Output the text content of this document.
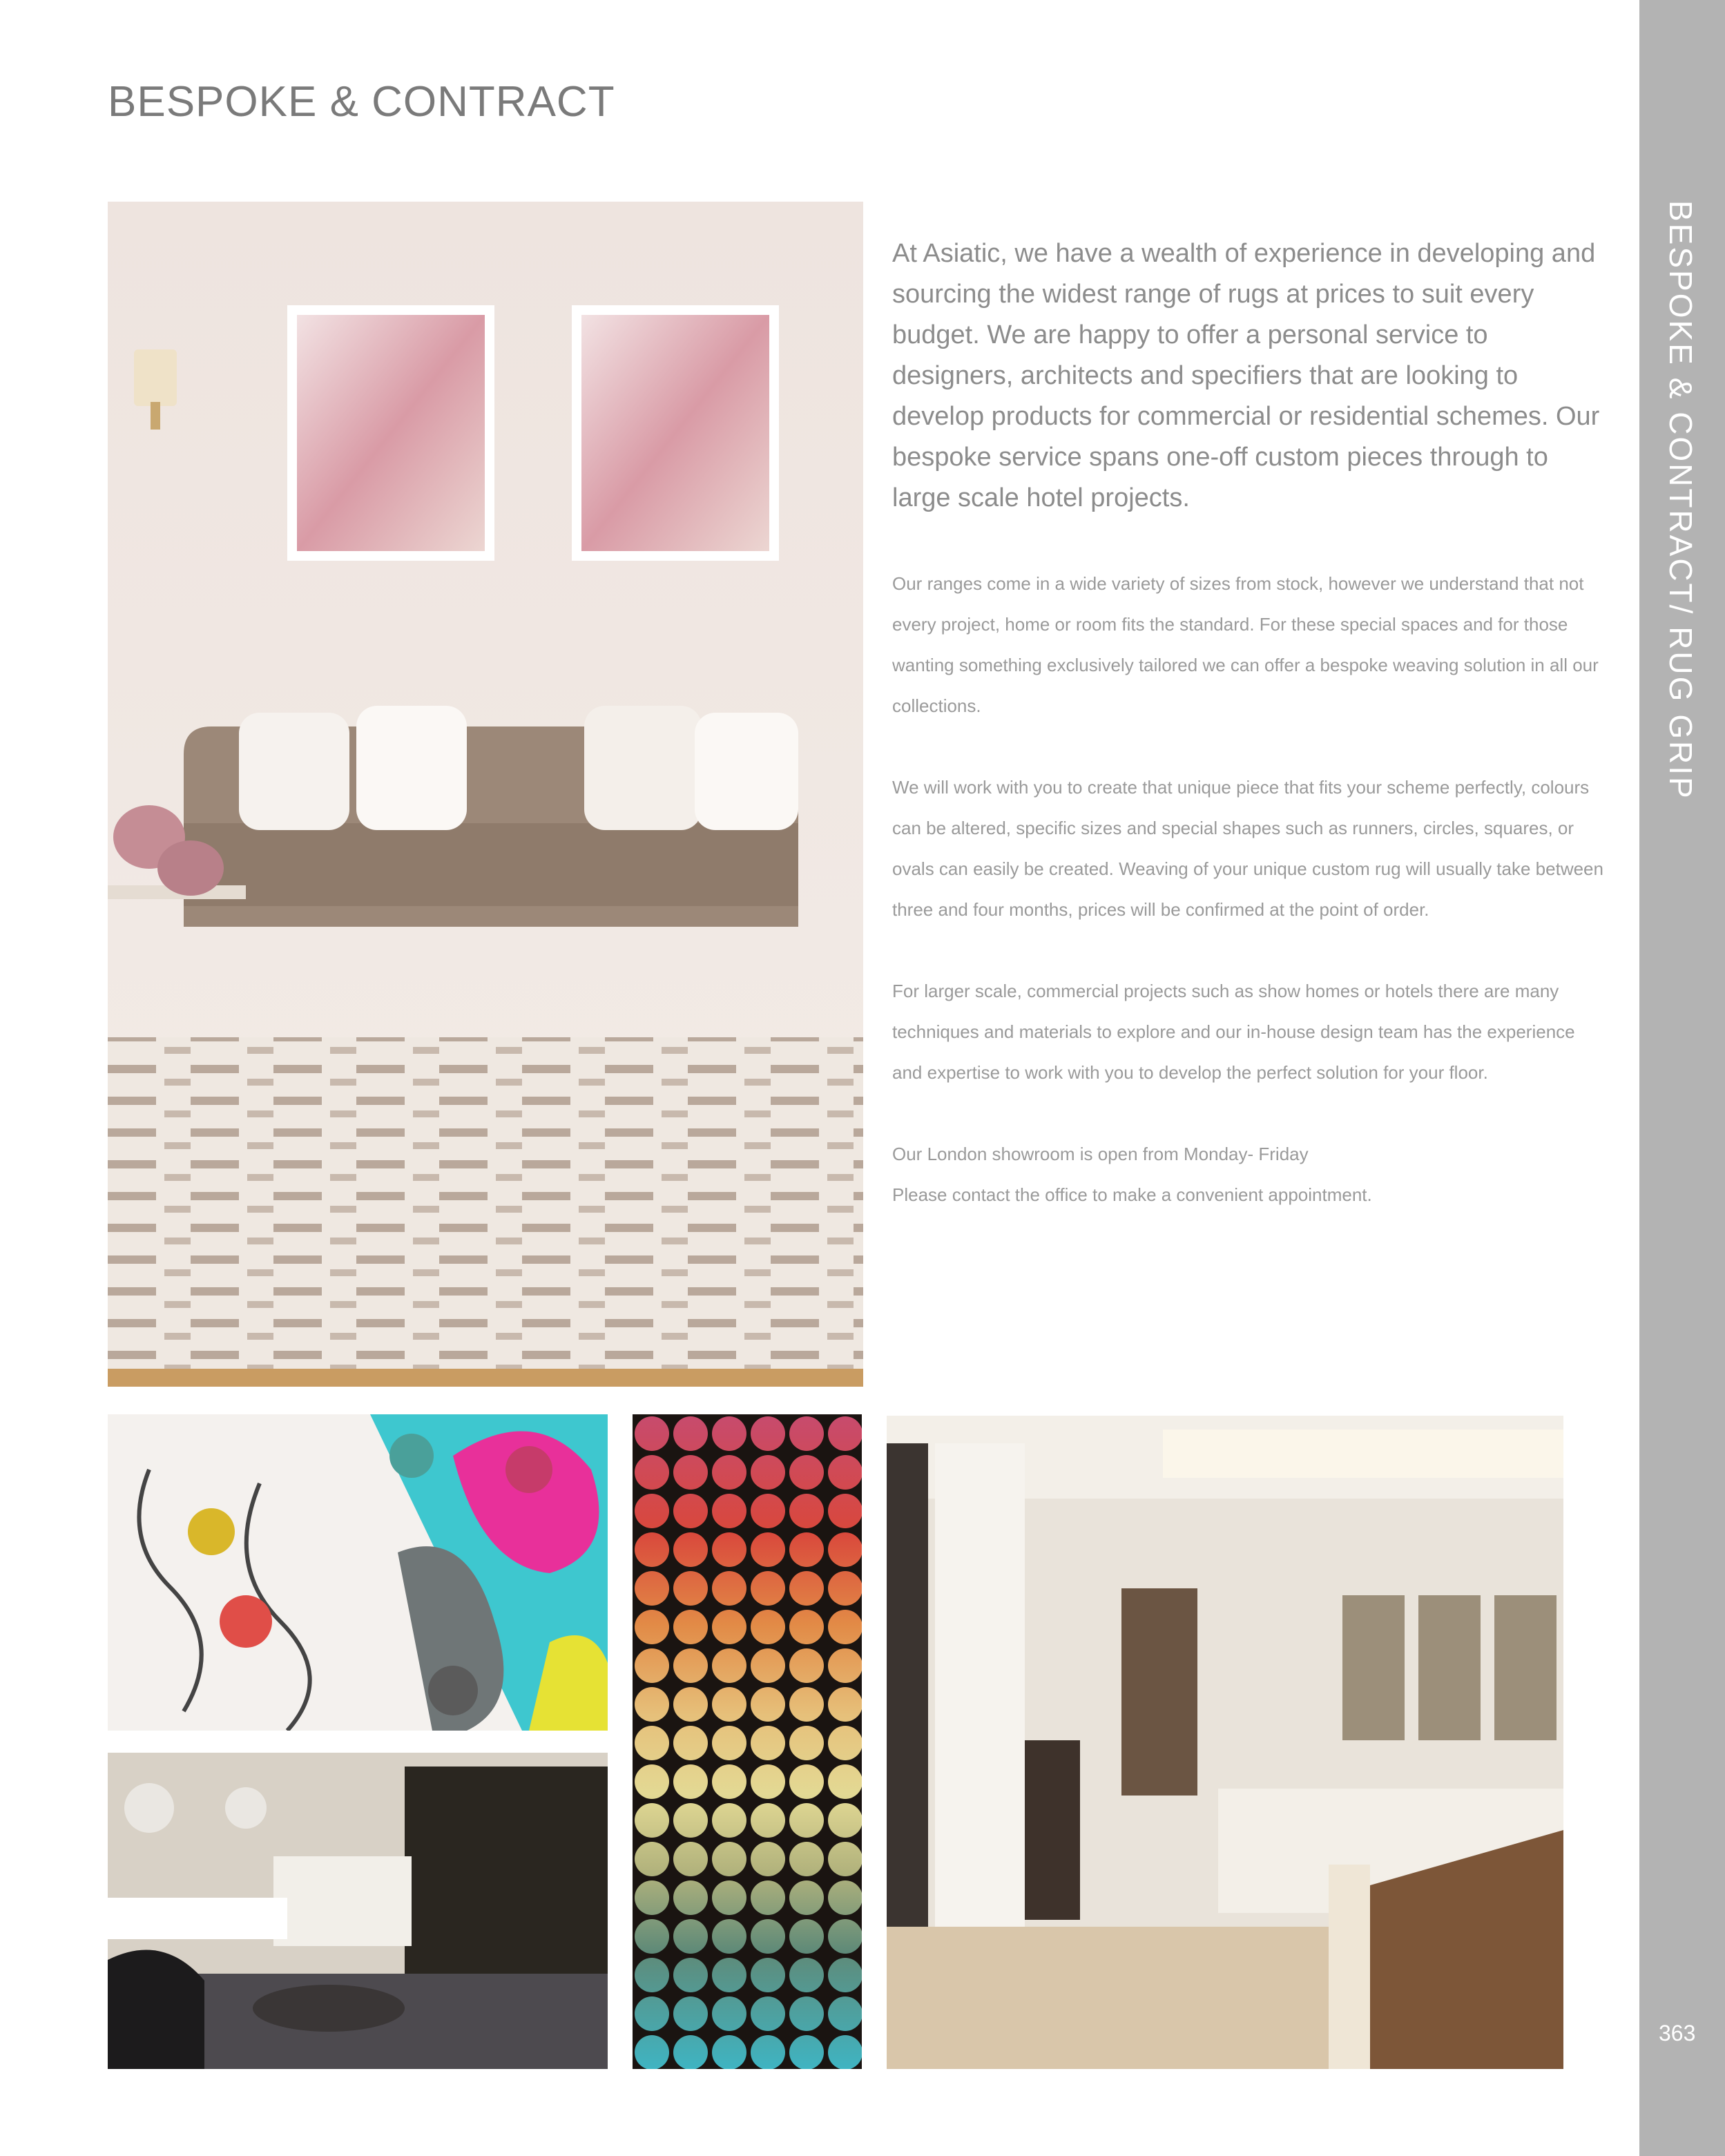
BESPOKE & CONTRACT
BESPOKE & CONTRACT/ RUG GRIP
363

At Asiatic, we have a wealth of experience in developing and sourcing the widest range of rugs at prices to suit every budget. We are happy to offer a personal service to designers, architects and specifiers that are looking to develop products for commercial or residential schemes. Our bespoke service spans one-off custom pieces through to large scale hotel projects.

Our ranges come in a wide variety of sizes from stock, however we understand that not every project, home or room fits the standard. For these special spaces and for those wanting something exclusively tailored we can offer a bespoke weaving solution in all our collections.

We will work with you to create that unique piece that fits your scheme perfectly, colours can be altered, specific sizes and special shapes such as runners, circles, squares, or ovals can easily be created. Weaving of your unique custom rug will usually take between three and four months, prices will be confirmed at the point of order.

For larger scale, commercial projects such as show homes or hotels there are many techniques and materials to explore and our in-house design team has the experience and expertise to work with you to develop the perfect solution for your floor.

Our London showroom is open from Monday- Friday
Please contact the office to make a convenient appointment.
